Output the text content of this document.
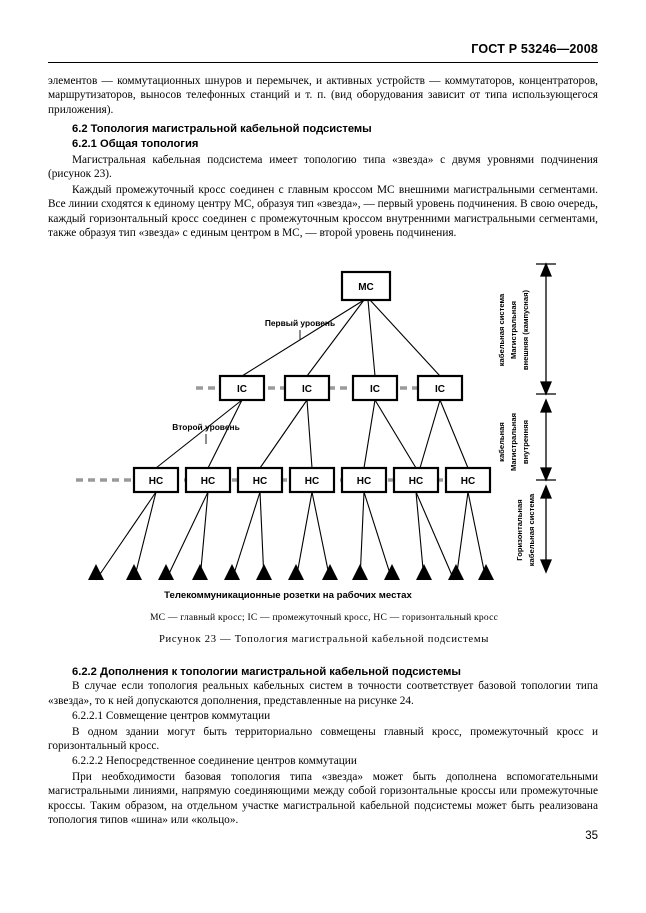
ГОСТ Р 53246—2008

элементов — коммутационных шнуров и перемычек, и активных устройств — коммутаторов, концентраторов, маршрутизаторов, выносов телефонных станций и т. п. (вид оборудования зависит от типа использующегося приложения).

6.2 Топология магистральной кабельной подсистемы

6.2.1 Общая топология

Магистральная кабельная подсистема имеет топологию типа «звезда» с двумя уровнями подчинения (рисунок 23).

Каждый промежуточный кросс соединен с главным кроссом МС внешними магистральными сегментами. Все линии сходятся к единому центру МС, образуя тип «звезда», — первый уровень подчинения. В свою очередь, каждый горизонтальный кросс соединен с промежуточным кроссом внутренними магистральными сегментами, также образуя тип «звезда» с единым центром в МС, — второй уровень подчинения.

MC
IC	IC	IC	IC
HC	HC	HC	HC	HC	HC	HC
Первый уровень
Второй уровень
Магистральная внешняя (кампусная)
кабельная система
Магистральная внутренняя
кабельная
Горизонтальная кабельная система
Телекоммуникационные розетки на рабочих местах
MC — главный кросс; IC — промежуточный кросс, HC — горизонтальный кросс
Рисунок 23 — Топология магистральной кабельной подсистемы

6.2.2 Дополнения к топологии магистральной кабельной подсистемы

В случае если топология реальных кабельных систем в точности соответствует базовой топологии типа «звезда», то к ней допускаются дополнения, представленные на рисунке 24.

6.2.2.1 Совмещение центров коммутации

В одном здании могут быть территориально совмещены главный кросс, промежуточный кросс и горизонтальный кросс.

6.2.2.2 Непосредственное соединение центров коммутации

При необходимости базовая топология типа «звезда» может быть дополнена вспомогательными магистральными линиями, напрямую соединяющими между собой горизонтальные кроссы или промежуточные кроссы. Таким образом, на отдельном участке магистральной кабельной подсистемы может быть реализована топология типов «шина» или «кольцо».

35
